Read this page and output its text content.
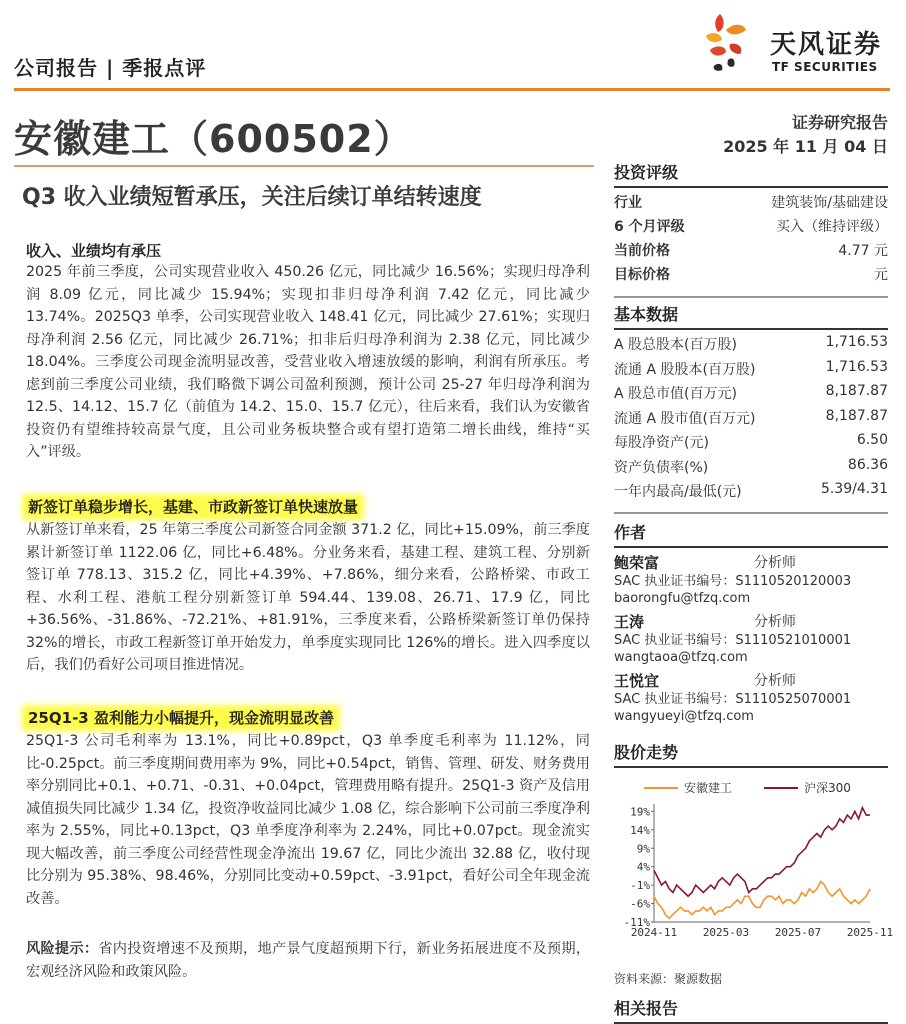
公司报告 | 季报点评
天风证券
TF SECURITIES
安徽建工（600502）	证券研究报告
2025 年 11 月 04 日
Q3 收入业绩短暂承压，关注后续订单结转速度
收入、业绩均有承压
2025 年前三季度，公司实现营业收入 450.26 亿元，同比减少 16.56%；实现归母净利润 8.09 亿元，同比减少 15.94%；实现扣非归母净利润 7.42 亿元，同比减少 13.74%。2025Q3 单季，公司实现营业收入 148.41 亿元，同比减少 27.61%；实现归母净利润 2.56 亿元，同比减少 26.71%；扣非后归母净利润为 2.38 亿元，同比减少 18.04%。三季度公司现金流明显改善，受营业收入增速放缓的影响，利润有所承压。考虑到前三季度公司业绩，我们略微下调公司盈利预测，预计公司 25-27 年归母净利润为 12.5、14.12、15.7 亿（前值为 14.2、15.0、15.7 亿元），往后来看，我们认为安徽省投资仍有望维持较高景气度，且公司业务板块整合或有望打造第二增长曲线，维持“买入”评级。
新签订单稳步增长，基建、市政新签订单快速放量
从新签订单来看，25 年第三季度公司新签合同金额 371.2 亿，同比+15.09%，前三季度累计新签订单 1122.06 亿，同比+6.48%。分业务来看，基建工程、建筑工程、分别新签订单 778.13、315.2 亿，同比+4.39%、+7.86%，细分来看，公路桥梁、市政工程、水利工程、港航工程分别新签订单 594.44、139.08、26.71、17.9 亿，同比+36.56%、-31.86%、-72.21%、+81.91%，三季度来看，公路桥梁新签订单仍保持 32%的增长，市政工程新签订单开始发力，单季度实现同比 126%的增长。进入四季度以后，我们仍看好公司项目推进情况。
25Q1-3 盈利能力小幅提升，现金流明显改善
25Q1-3 公司毛利率为 13.1%，同比+0.89pct，Q3 单季度毛利率为 11.12%，同比-0.25pct。前三季度期间费用率为 9%，同比+0.54pct，销售、管理、研发、财务费用率分别同比+0.1、+0.71、-0.31、+0.04pct，管理费用略有提升。25Q1-3 资产及信用减值损失同比减少 1.34 亿，投资净收益同比减少 1.08 亿，综合影响下公司前三季度净利率为 2.55%，同比+0.13pct，Q3 单季度净利率为 2.24%，同比+0.07pct。现金流实现大幅改善，前三季度公司经营性现金净流出 19.67 亿，同比少流出 32.88 亿，收付现比分别为 95.38%、98.46%，分别同比变动+0.59pct、-3.91pct，看好公司全年现金流改善。
风险提示：省内投资增速不及预期，地产景气度超预期下行，新业务拓展进度不及预期，宏观经济风险和政策风险。
投资评级
行业	建筑装饰/基础建设
6 个月评级	买入（维持评级）
当前价格	4.77 元
目标价格	元
基本数据
A 股总股本(百万股)	1,716.53
流通 A 股股本(百万股)	1,716.53
A 股总市值(百万元)	8,187.87
流通 A 股市值(百万元)	8,187.87
每股净资产(元)	6.50
资产负债率(%)	86.36
一年内最高/最低(元)	5.39/4.31
作者
鲍荣富	分析师
SAC 执业证书编号：S1110520120003
baorongfu@tfzq.com
王涛	分析师
SAC 执业证书编号：S1110521010001
wangtaoa@tfzq.com
王悦宜	分析师
SAC 执业证书编号：S1110525070001
wangyueyi@tfzq.com
股价走势
安徽建工	沪深300
19%
14%
9%
4%
-1%
-6%
-11%
2024-11 2025-03 2025-07 2025-11
资料来源：聚源数据
相关报告
